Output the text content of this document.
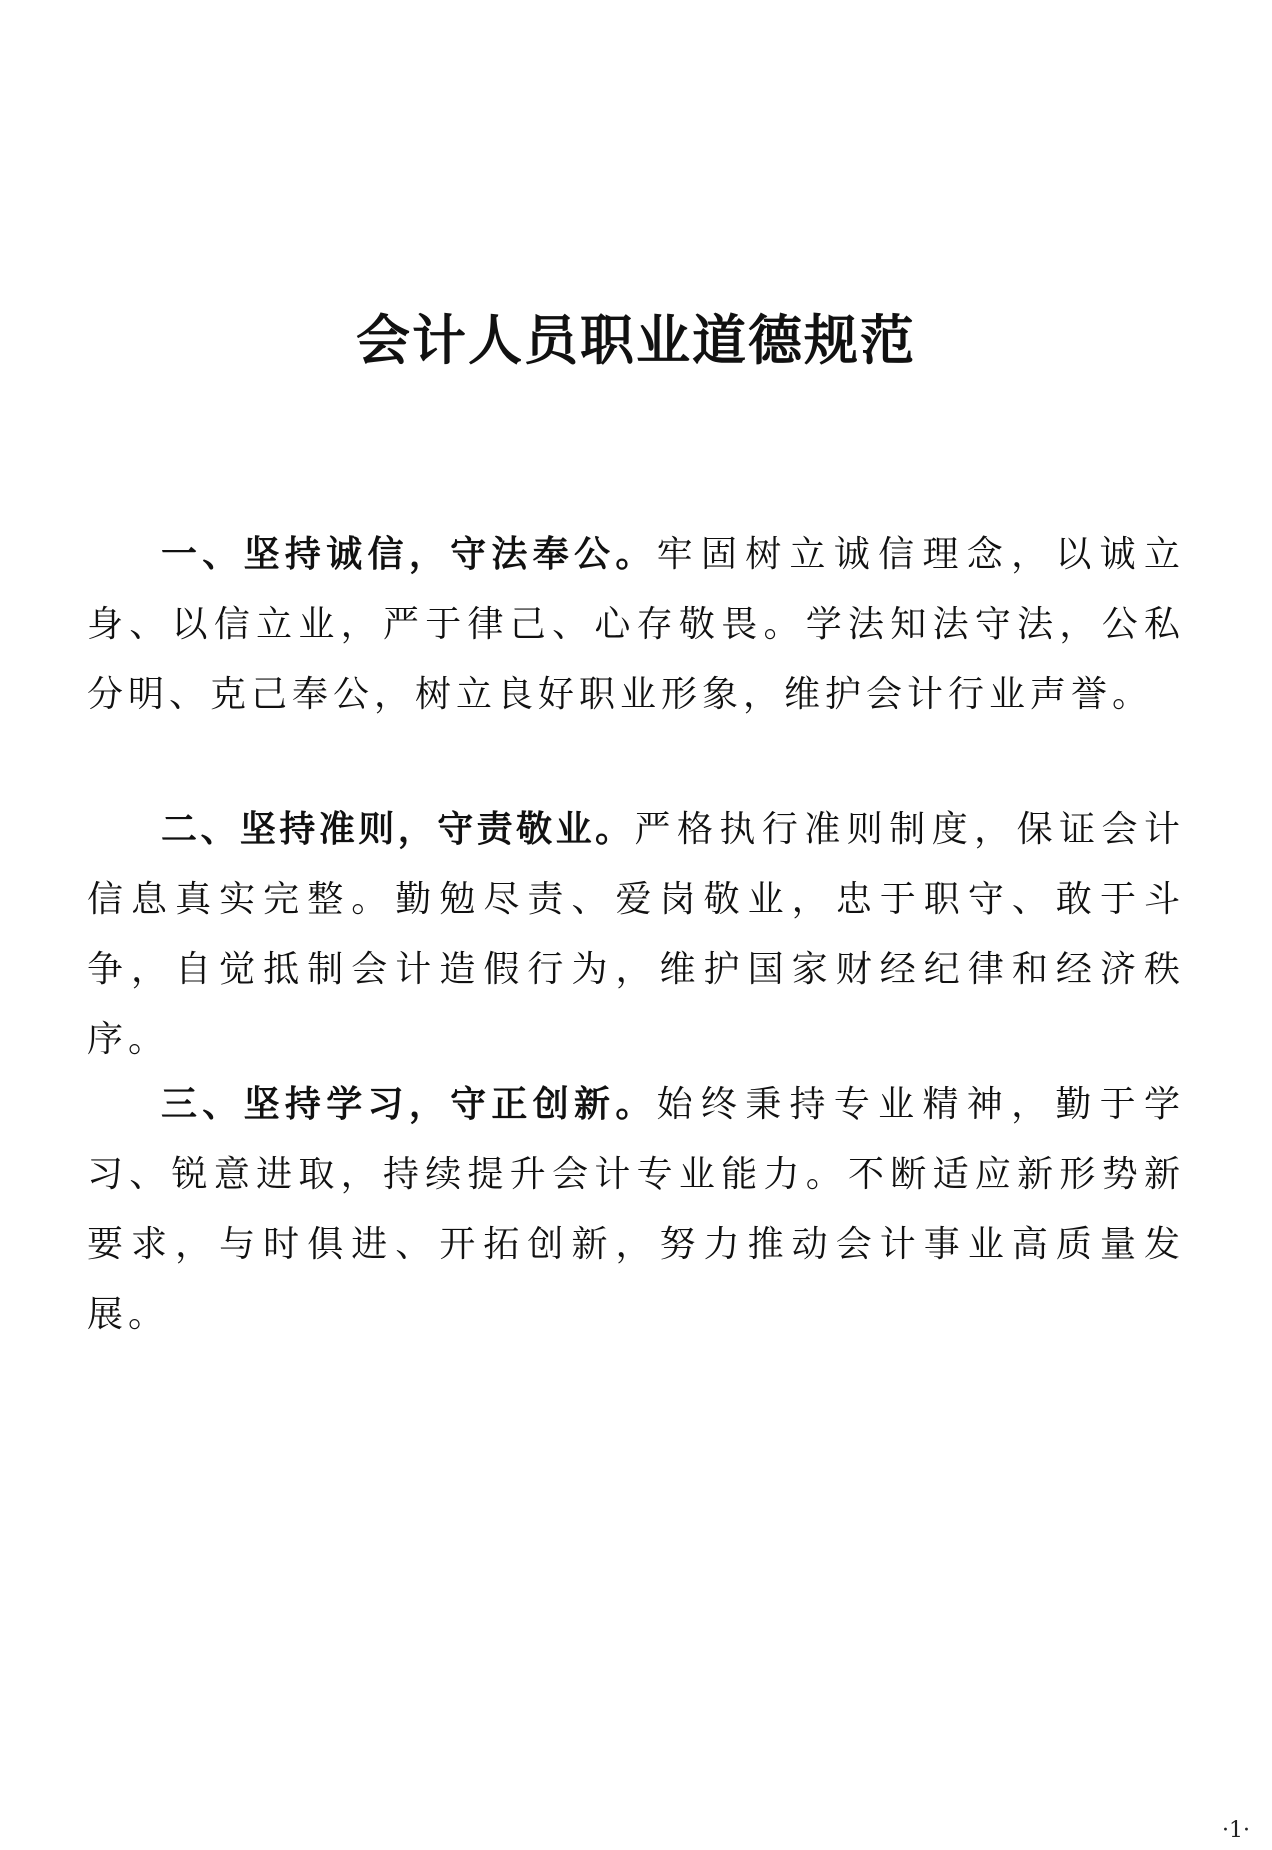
会计人员职业道德规范

一、坚持诚信，守法奉公。牢固树立诚信理念，以诚立身、以信立业，严于律己、心存敬畏。学法知法守法，公私分明、克己奉公，树立良好职业形象，维护会计行业声誉。

二、坚持准则，守责敬业。严格执行准则制度，保证会计信息真实完整。勤勉尽责、爱岗敬业，忠于职守、敢于斗争，自觉抵制会计造假行为，维护国家财经纪律和经济秩序。

三、坚持学习，守正创新。始终秉持专业精神，勤于学习、锐意进取，持续提升会计专业能力。不断适应新形势新要求，与时俱进、开拓创新，努力推动会计事业高质量发展。

·1·
